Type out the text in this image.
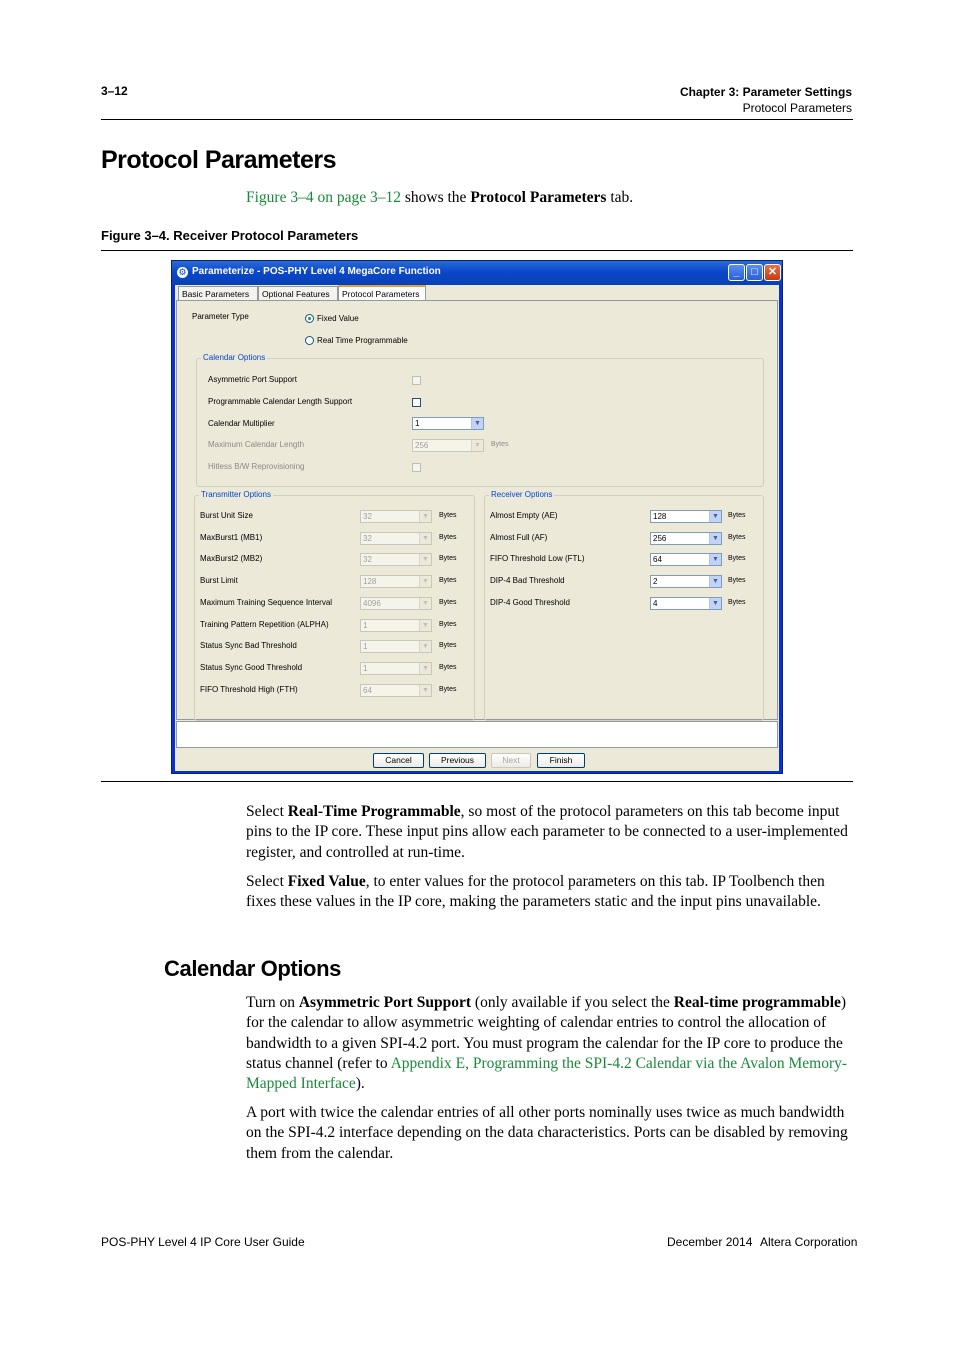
3–12	Chapter 3: Parameter Settings
Protocol Parameters
Protocol Parameters
Figure 3–4 on page 3–12 shows the Protocol Parameters tab.
Figure 3–4. Receiver Protocol Parameters
⚙ Parameterize - POS-PHY Level 4 MegaCore Function	_	□ ✕
Basic Parameters	Optional Features	Protocol Parameters
Parameter Type	Fixed Value
Real Time Programmable
Calendar Options
Asymmetric Port Support
Programmable Calendar Length Support
Calendar Multiplier	1	▼
Maximum Calendar Length	256	▼ Bytes
Hitless B/W Reprovisioning
Transmitter Options
Burst Unit Size	32	▼ Bytes
MaxBurst1 (MB1)	32	▼ Bytes
MaxBurst2 (MB2)	32	▼ Bytes
Burst Limit	128	▼ Bytes
Maximum Training Sequence Interval	4096	▼ Bytes
Training Pattern Repetition (ALPHA)	1	▼ Bytes
Status Sync Bad Threshold	1	▼ Bytes
Status Sync Good Threshold	1	▼ Bytes
FIFO Threshold High (FTH)	64	▼ Bytes
Receiver Options
Almost Empty (AE)	128	▼ Bytes
Almost Full (AF)	256	▼ Bytes
FIFO Threshold Low (FTL)	64	▼ Bytes
DIP-4 Bad Threshold	2	▼ Bytes
DIP-4 Good Threshold	4	▼ Bytes
Cancel	Previous	Next	Finish
Select Real-Time Programmable, so most of the protocol parameters on this tab become input pins to the IP core. These input pins allow each parameter to be connected to a user-implemented register, and controlled at run-time.
Select Fixed Value, to enter values for the protocol parameters on this tab. IP Toolbench then fixes these values in the IP core, making the parameters static and the input pins unavailable.
Calendar Options
Turn on Asymmetric Port Support (only available if you select the Real-time programmable) for the calendar to allow asymmetric weighting of calendar entries to control the allocation of bandwidth to a given SPI-4.2 port. You must program the calendar for the IP core to produce the status channel (refer to Appendix E, Programming the SPI-4.2 Calendar via the Avalon Memory-Mapped Interface).
A port with twice the calendar entries of all other ports nominally uses twice as much bandwidth on the SPI-4.2 interface depending on the data characteristics. Ports can be disabled by removing them from the calendar.
POS-PHY Level 4 IP Core User Guide	December 2014 Altera Corporation
